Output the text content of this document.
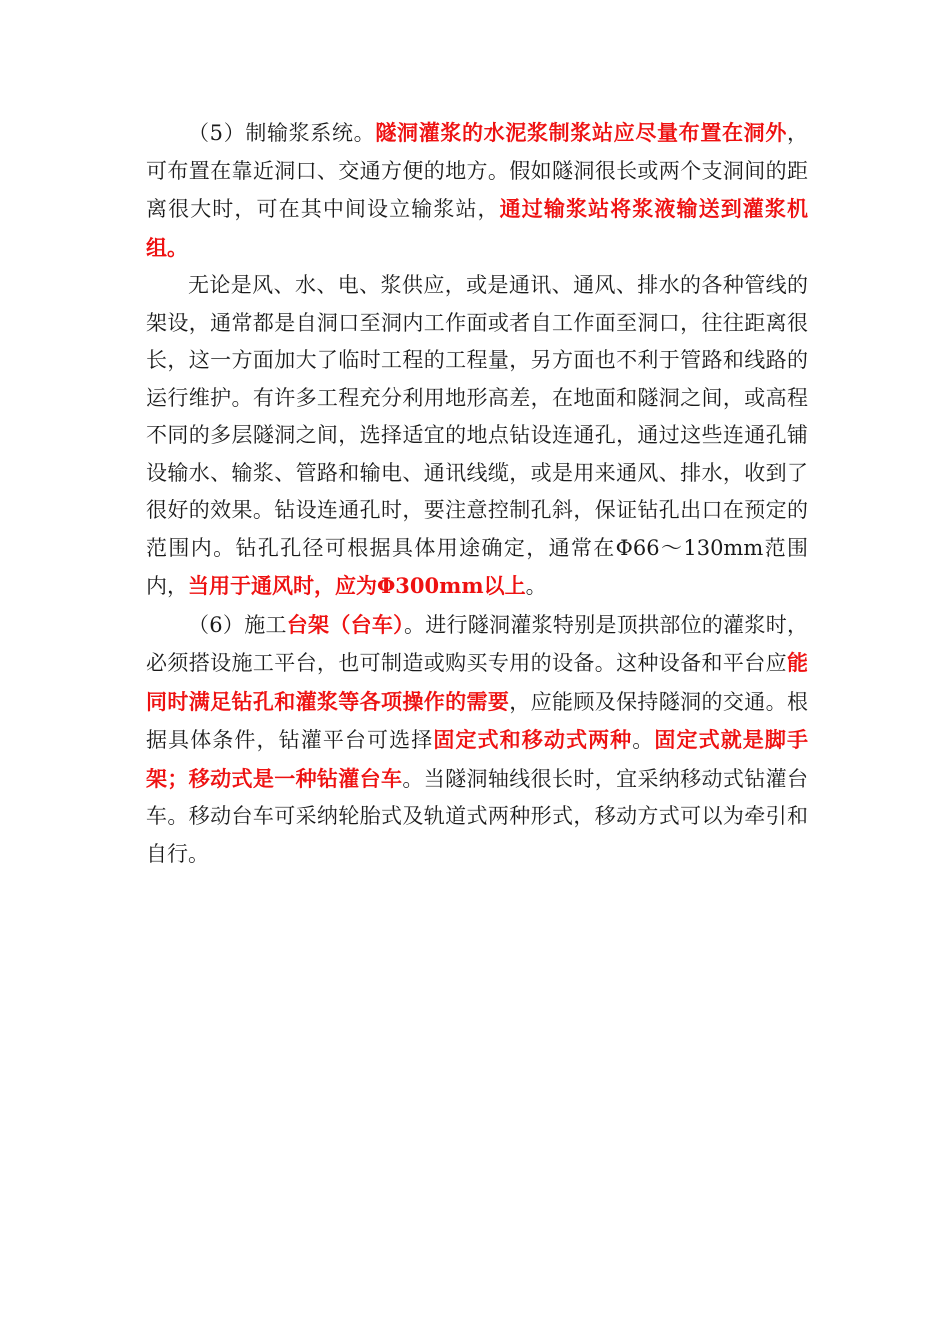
（5）制输浆系统。隧洞灌浆的水泥浆制浆站应尽量布置在洞外，可布置在靠近洞口、交通方便的地方。假如隧洞很长或两个支洞间的距离很大时，可在其中间设立输浆站，通过输浆站将浆液输送到灌浆机组。

无论是风、水、电、浆供应，或是通讯、通风、排水的各种管线的架设，通常都是自洞口至洞内工作面或者自工作面至洞口，往往距离很长，这一方面加大了临时工程的工程量，另方面也不利于管路和线路的运行维护。有许多工程充分利用地形高差，在地面和隧洞之间，或高程不同的多层隧洞之间，选择适宜的地点钻设连通孔，通过这些连通孔铺设输水、输浆、管路和输电、通讯线缆，或是用来通风、排水，收到了很好的效果。钻设连通孔时，要注意控制孔斜，保证钻孔出口在预定的范围内。钻孔孔径可根据具体用途确定，通常在Φ66～130mm范围内，当用于通风时，应为Φ300mm以上。

（6）施工台架（台车）。进行隧洞灌浆特别是顶拱部位的灌浆时，必须搭设施工平台，也可制造或购买专用的设备。这种设备和平台应能同时满足钻孔和灌浆等各项操作的需要，应能顾及保持隧洞的交通。根据具体条件，钻灌平台可选择固定式和移动式两种。固定式就是脚手架；移动式是一种钻灌台车。当隧洞轴线很长时，宜采纳移动式钻灌台车。移动台车可采纳轮胎式及轨道式两种形式，移动方式可以为牵引和自行。
